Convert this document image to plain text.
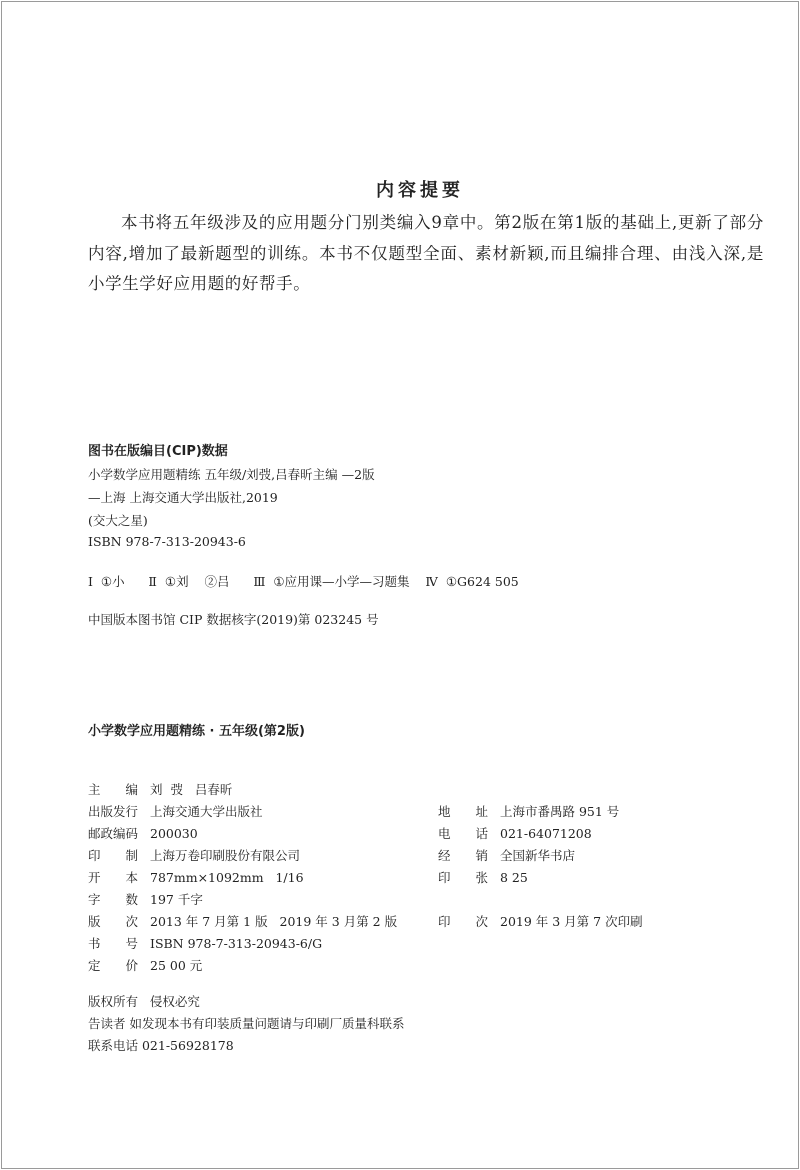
内容提要
本书将五年级涉及的应用题分门别类编入9章中。第2版在第1版的基础上,更新了部分内容,增加了最新题型的训练。本书不仅题型全面、素材新颖,而且编排合理、由浅入深,是小学生学好应用题的好帮手。
图书在版编目(CIP)数据
小学数学应用题精练 五年级/刘弢,吕春昕主编 —2版
—上海 上海交通大学出版社,2019
(交大之星)
ISBN 978-7-313-20943-6
Ⅰ  ①小      Ⅱ  ①刘    ②吕      Ⅲ  ①应用课—小学—习题集    Ⅳ  ①G624 505
中国版本图书馆 CIP 数据核字(2019)第 023245 号
小学数学应用题精练 · 五年级(第2版)
主　　编 刘  弢   吕春昕
出版发行 上海交通大学出版社
邮政编码 200030
印　　制 上海万卷印刷股份有限公司
开　　本 787mm×1092mm   1/16
字　　数 197 千字
版　　次 2013 年 7 月第 1 版   2019 年 3 月第 2 版
书　　号 ISBN 978-7-313-20943-6/G
定　　价 25 00 元
地　　址 上海市番禺路 951 号
电　　话 021-64071208
经　　销 全国新华书店
印　　张 8 25
印　　次 2019 年 3 月第 7 次印刷
版权所有   侵权必究
告读者 如发现本书有印装质量问题请与印刷厂质量科联系
联系电话 021-56928178
